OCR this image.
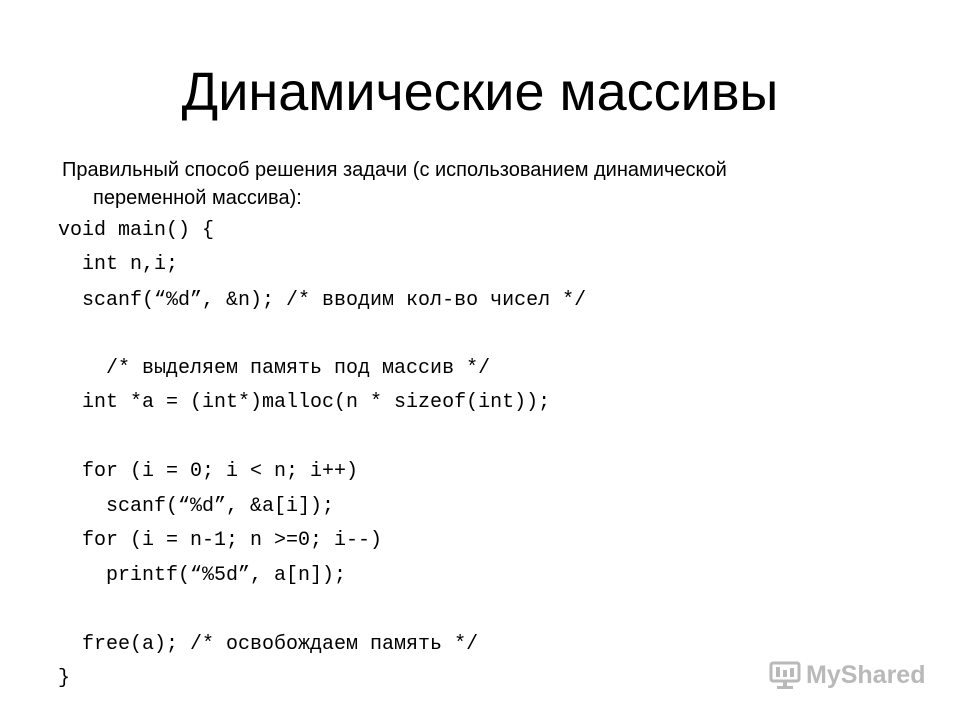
Динамические массивы
Правильный способ решения задачи (с использованием динамической
переменной массива):

void main() {

int n,i;

scanf(“%d”, &n); /* вводим кол-во чисел */

/* выделяем память под массив */

int *a = (int*)malloc(n * sizeof(int));

for (i = 0; i < n; i++)

scanf(“%d”, &a[i]);

for (i = n-1; n >=0; i--)

printf(“%5d”, a[n]);

free(a); /* освобождаем память */

}	MyShared
